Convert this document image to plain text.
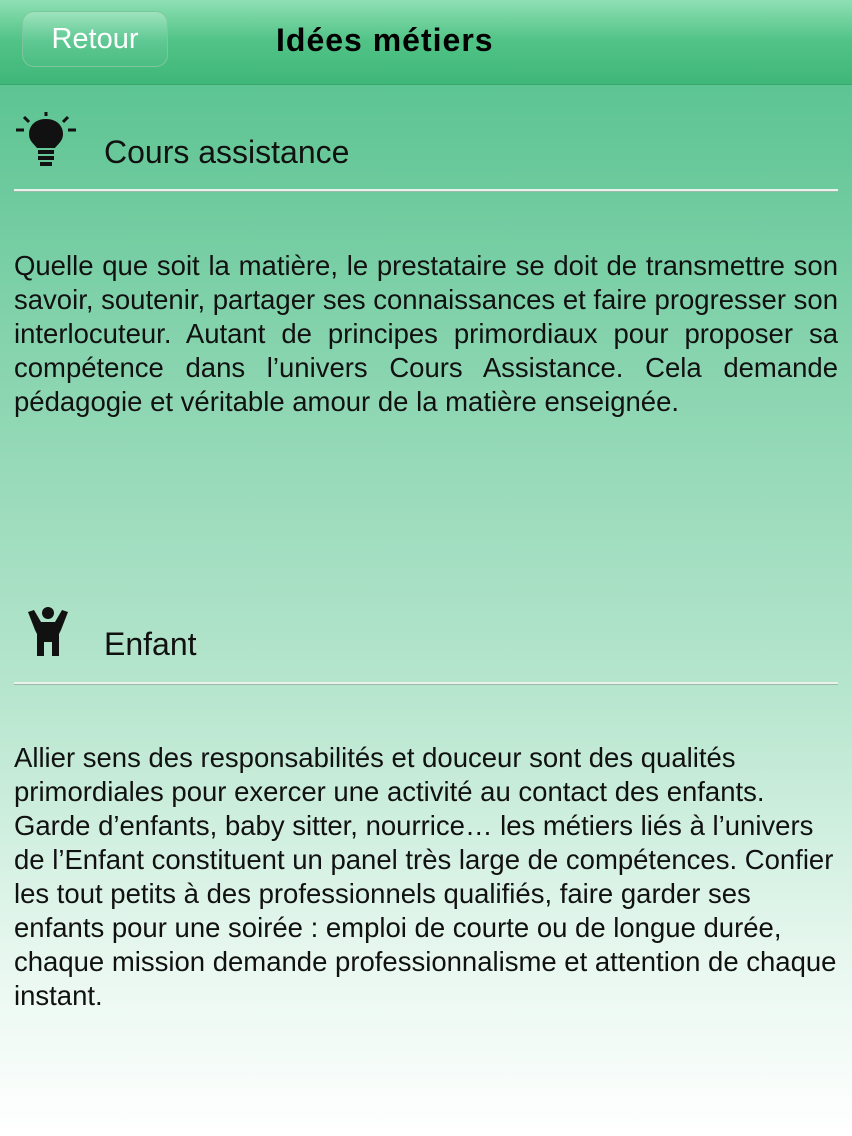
Retour	Idées métiers
Cours assistance

Quelle que soit la matière, le prestataire se doit de transmettre son savoir, soutenir, partager ses connaissances et faire progresser son interlocuteur. Autant de principes primordiaux pour proposer sa compétence dans l’univers Cours Assistance. Cela demande pédagogie et véritable amour de la matière enseignée.

Enfant

Allier sens des responsabilités et douceur sont des qualités primordiales pour exercer une activité au contact des enfants. Garde d’enfants, baby sitter, nourrice… les métiers liés à l’univers de l’Enfant constituent un panel très large de compétences. Confier les tout petits à des professionnels qualifiés, faire garder ses enfants pour une soirée : emploi de courte ou de longue durée, chaque mission demande professionnalisme et attention de chaque instant.
